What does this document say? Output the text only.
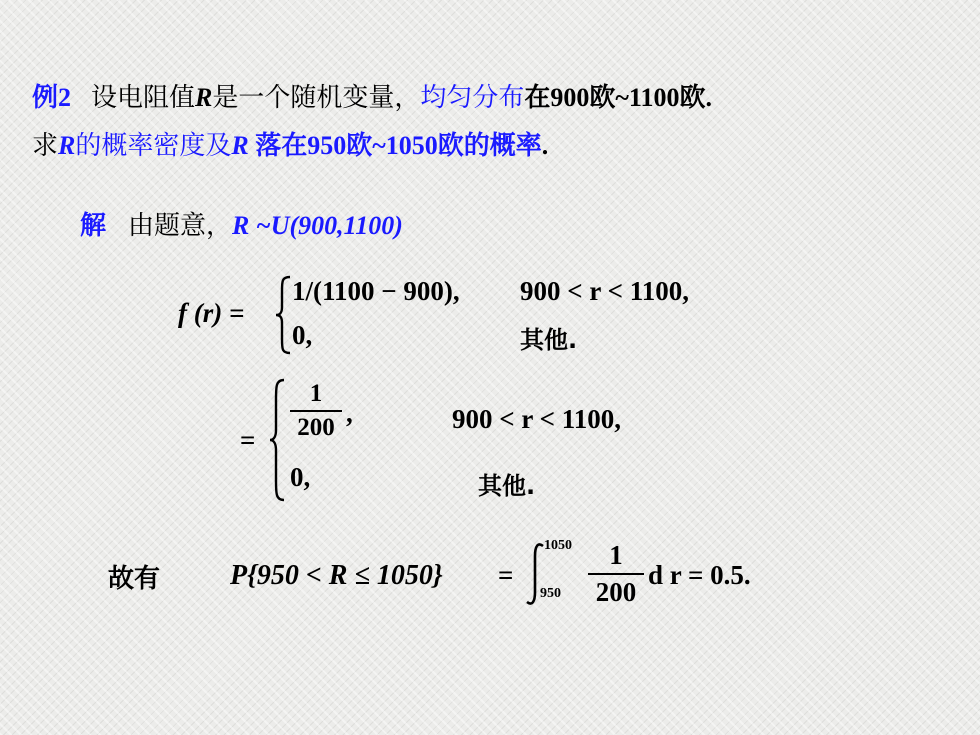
例2 设电阻值R是一个随机变量，均匀分布在900欧~1100欧.
求R的概率密度及R 落在950欧~1050欧的概率.
解 由题意，R ~U(900,1100)
f (r) =
1/(1100 − 900), 900 < r < 1100,
0,	其他.
=
1
200 ,	900 < r < 1100,
0,	其他.
故有 P{950 < R ≤ 1050} =
1050
950
1
200
d r = 0.5.
